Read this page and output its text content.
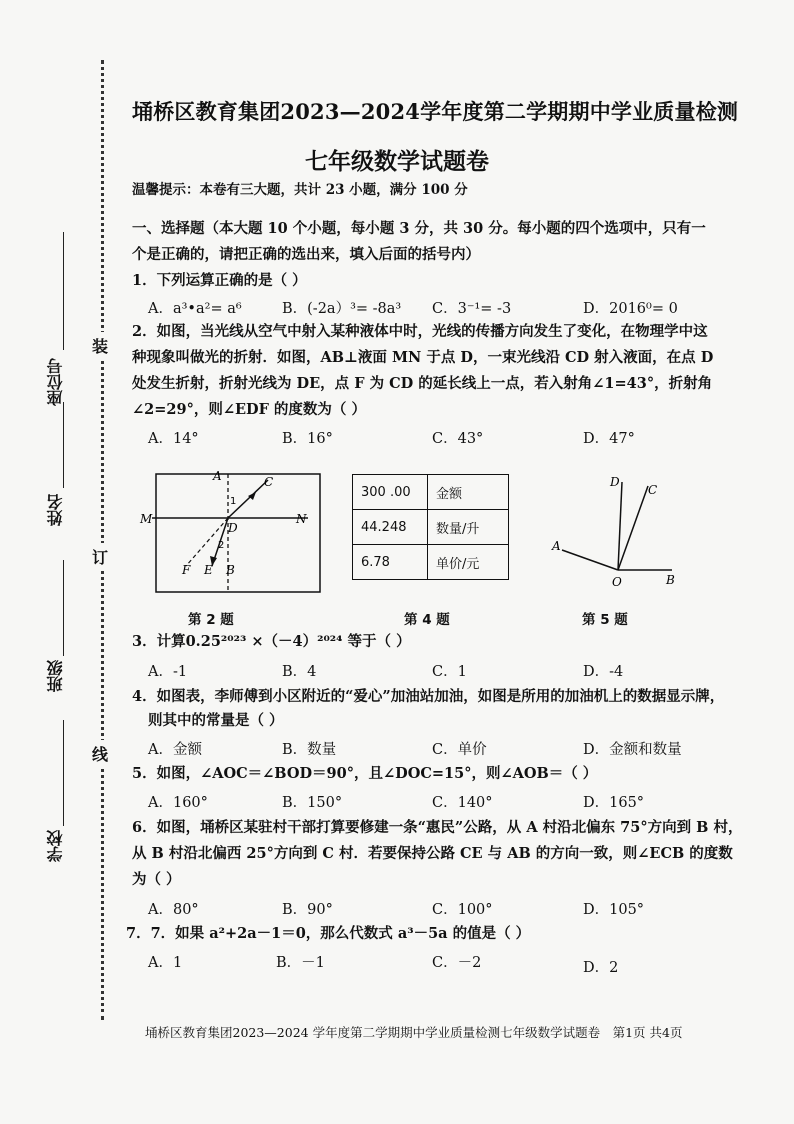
座位号
姓名
班级
学校
装
订
线
埇桥区教育集团2023—2024学年度第二学期期中学业质量检测
七年级数学试题卷
温馨提示：本卷有三大题，共计 23 小题，满分 100 分
一、选择题（本大题 10 个小题，每小题 3 分，共 30 分。每小题的四个选项中，只有一
个是正确的，请把正确的选出来，填入后面的括号内）
1．下列运算正确的是（ ）
A．a³•a²= a⁶	B．(-2a）³= -8a³ C．3⁻¹= -3	D．2016⁰= 0
2．如图，当光线从空气中射入某种液体中时，光线的传播方向发生了变化，在物理学中这
种现象叫做光的折射．如图，AB⊥液面 MN 于点 D，一束光线沿 CD 射入液面，在点 D
处发生折射，折射光线为 DE，点 F 为 CD 的延长线上一点，若入射角∠1=43°，折射角
∠2=29°，则∠EDF 的度数为（ ）
A．14°	B．16°	C．43°	D．47°
A	C
M	N
D
F E B
1
2
第 2 题
300 .00	金额
44.248	数量/升
6.78	单价/元
第 4 题
D
C
A
O	B
第 5 题
3．计算0.25²⁰²³ ×（－4）²⁰²⁴ 等于（ ）
A．-1	B．4	C．1	D．-4
4．如图表，李师傅到小区附近的“爱心”加油站加油，如图是所用的加油机上的数据显示牌，
则其中的常量是（ ）
A．金额	B．数量	C．单价	D．金额和数量
5．如图，∠AOC＝∠BOD＝90°，且∠DOC=15°，则∠AOB＝（ ）
A．160°	B．150°	C．140°	D．165°
6．如图，埇桥区某驻村干部打算要修建一条“惠民”公路，从 A 村沿北偏东 75°方向到 B 村，
从 B 村沿北偏西 25°方向到 C 村．若要保持公路 CE 与 AB 的方向一致，则∠ECB 的度数
为（ ）
A．80°	B．90°	C．100°	D．105°
7．7．如果 a²+2a－1＝0，那么代数式 a³－5a 的值是（ ）
A．1	B．－1	C．－2	D．2
埇桥区教育集团2023—2024 学年度第二学期期中学业质量检测七年级数学试题卷　第1页 共4页
